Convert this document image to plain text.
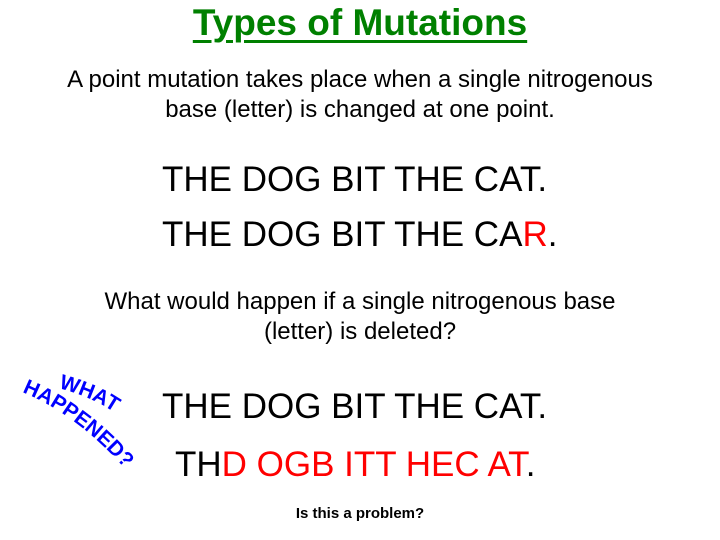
Types of Mutations
A point mutation takes place when a single nitrogenous
base (letter) is changed at one point.
THE DOG BIT THE CAT.
THE DOG BIT THE CAR.
What would happen if a single nitrogenous base
(letter) is deleted?
WHAT
HAPPENED?
THE DOG BIT THE CAT.
THD OGB ITT HEC AT.
Is this a problem?
